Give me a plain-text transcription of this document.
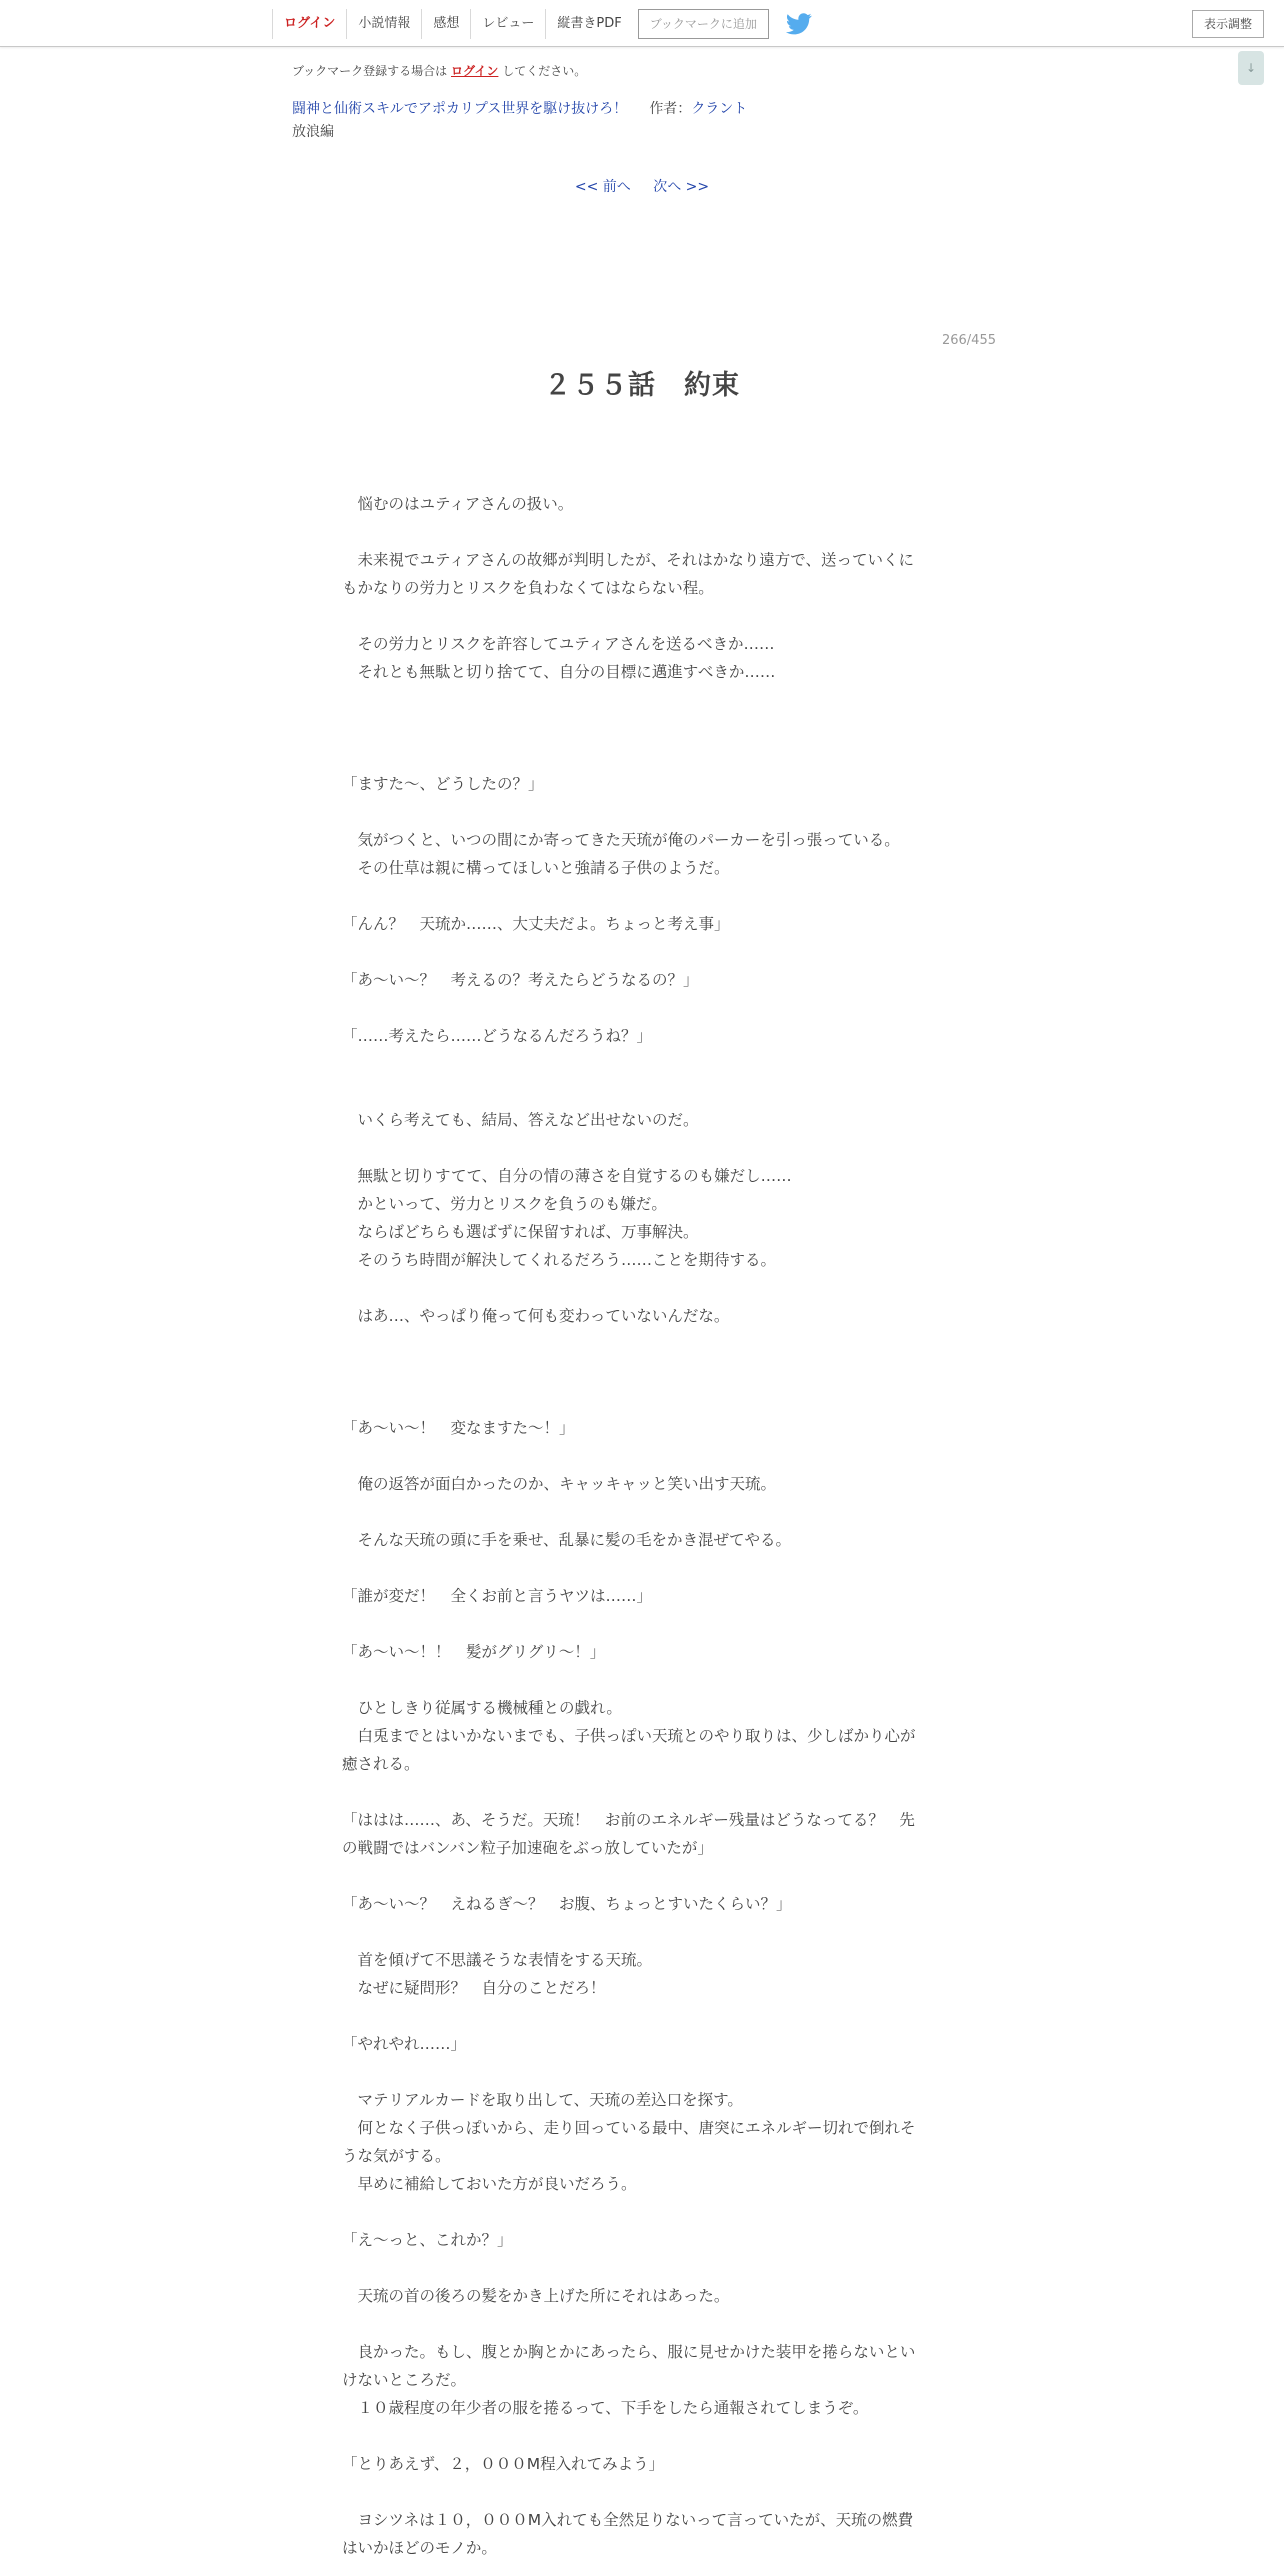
ログイン	小説情報	感想	レビュー	縦書きPDF	ブックマークに追加	表示調整
↓
ブックマーク登録する場合は ログイン してください。
闘神と仙術スキルでアポカリプス世界を駆け抜けろ！ 作者：クラント
放浪編
<< 前へ 次へ >>
266/455
２５５話　約束
　悩むのはユティアさんの扱い。
　未来視でユティアさんの故郷が判明したが、それはかなり遠方で、送っていくに
もかなりの労力とリスクを負わなくてはならない程。
　その労力とリスクを許容してユティアさんを送るべきか……
　それとも無駄と切り捨てて、自分の目標に邁進すべきか……
「ますた～、どうしたの？」
　気がつくと、いつの間にか寄ってきた天琉が俺のパーカーを引っ張っている。
　その仕草は親に構ってほしいと強請る子供のようだ。
「んん？　天琉か……、大丈夫だよ。ちょっと考え事」
「あ～い～？　考えるの？考えたらどうなるの？」
「……考えたら……どうなるんだろうね？」
　いくら考えても、結局、答えなど出せないのだ。
　無駄と切りすてて、自分の情の薄さを自覚するのも嫌だし……
　かといって、労力とリスクを負うのも嫌だ。
　ならばどちらも選ばずに保留すれば、万事解決。
　そのうち時間が解決してくれるだろう……ことを期待する。
　はあ…、やっぱり俺って何も変わっていないんだな。
「あ～い～！　変なますた～！」
　俺の返答が面白かったのか、キャッキャッと笑い出す天琉。
　そんな天琉の頭に手を乗せ、乱暴に髪の毛をかき混ぜてやる。
「誰が変だ！　全くお前と言うヤツは……」
「あ～い～！！　髪がグリグリ～！」
　ひとしきり従属する機械種との戯れ。
　白兎までとはいかないまでも、子供っぽい天琉とのやり取りは、少しばかり心が
癒される。
「ははは……、あ、そうだ。天琉！　お前のエネルギー残量はどうなってる？　先
の戦闘ではバンバン粒子加速砲をぶっ放していたが」
「あ～い～？　えねるぎ～？　お腹、ちょっとすいたくらい？」
　首を傾げて不思議そうな表情をする天琉。
　なぜに疑問形？　自分のことだろ！
「やれやれ……」
　マテリアルカードを取り出して、天琉の差込口を探す。
　何となく子供っぽいから、走り回っている最中、唐突にエネルギー切れで倒れそ
うな気がする。
　早めに補給しておいた方が良いだろう。
「え～っと、これか？」
　天琉の首の後ろの髪をかき上げた所にそれはあった。
　良かった。もし、腹とか胸とかにあったら、服に見せかけた装甲を捲らないとい
けないところだ。
　１０歳程度の年少者の服を捲るって、下手をしたら通報されてしまうぞ。
「とりあえず、２，０００M程入れてみよう」
　ヨシツネは１０，０００M入れても全然足りないって言っていたが、天琉の燃費
はいかほどのモノか。
